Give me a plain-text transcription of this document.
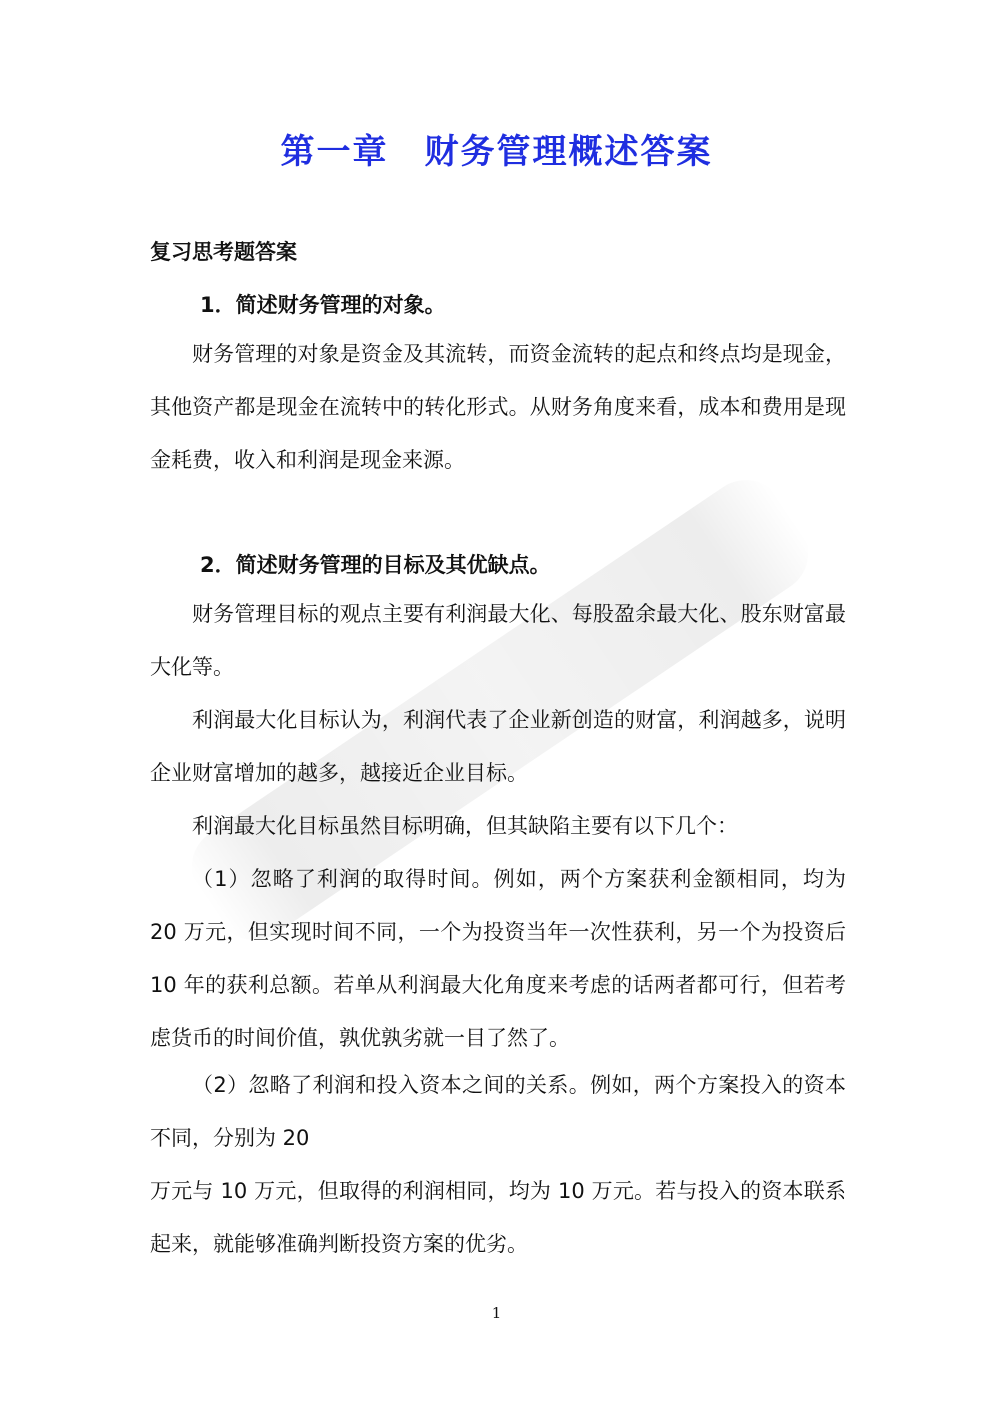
第一章　财务管理概述答案
复习思考题答案
1．简述财务管理的对象。

财务管理的对象是资金及其流转，而资金流转的起点和终点均是现金，其他资产都是现金在流转中的转化形式。从财务角度来看，成本和费用是现金耗费，收入和利润是现金来源。

2．简述财务管理的目标及其优缺点。

财务管理目标的观点主要有利润最大化、每股盈余最大化、股东财富最大化等。

利润最大化目标认为，利润代表了企业新创造的财富，利润越多，说明企业财富增加的越多，越接近企业目标。

利润最大化目标虽然目标明确，但其缺陷主要有以下几个：

（1）忽略了利润的取得时间。例如，两个方案获利金额相同，均为 20 万元，但实现时间不同，一个为投资当年一次性获利，另一个为投资后 10 年的获利总额。若单从利润最大化角度来考虑的话两者都可行，但若考虑货币的时间价值，孰优孰劣就一目了然了。

（2）忽略了利润和投入资本之间的关系。例如，两个方案投入的资本不同，分别为 20

万元与 10 万元，但取得的利润相同，均为 10 万元。若与投入的资本联系起来，就能够准确判断投资方案的优劣。

1
